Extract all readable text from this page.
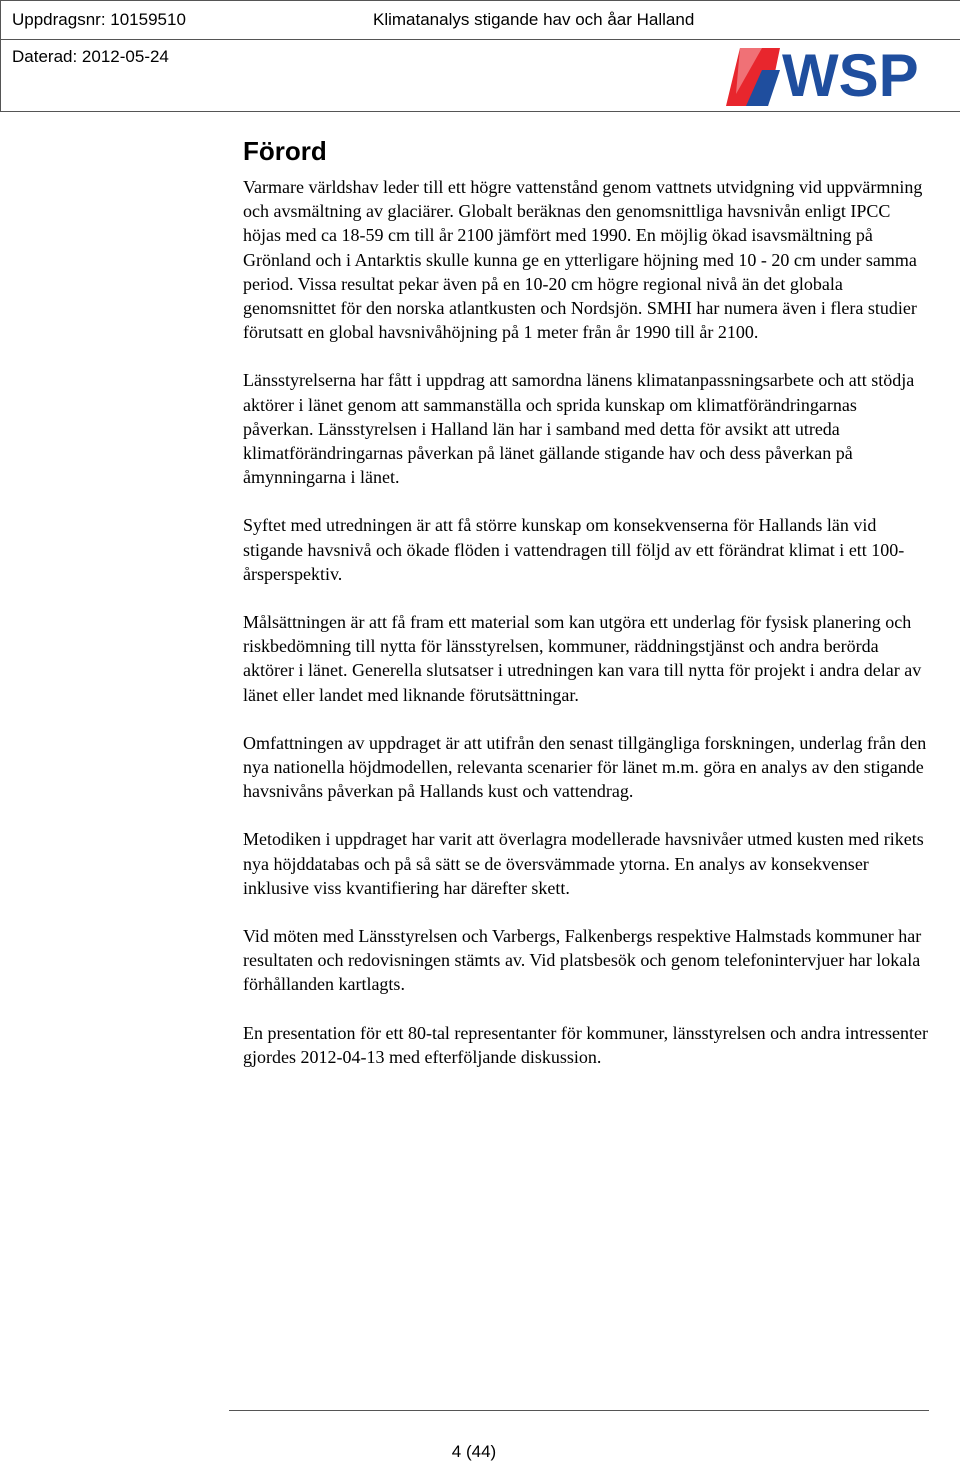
Uppdragsnr: 10159510	Klimatanalys stigande hav och åar Halland
Daterad: 2012-05-24	WSP
Förord

Varmare världshav leder till ett högre vattenstånd genom vattnets utvidgning vid uppvärmning och avsmältning av glaciärer. Globalt beräknas den genomsnittliga havsnivån enligt IPCC höjas med ca 18-59 cm till år 2100 jämfört med 1990. En möjlig ökad isavsmältning på Grönland och i Antarktis skulle kunna ge en ytterligare höjning med 10 - 20 cm under samma period. Vissa resultat pekar även på en 10-20 cm högre regional nivå än det globala genomsnittet för den norska atlantkusten och Nordsjön. SMHI har numera även i flera studier förutsatt en global havsnivåhöjning på 1 meter från år 1990 till år 2100.

Länsstyrelserna har fått i uppdrag att samordna länens klimatanpassningsarbete och att stödja aktörer i länet genom att sammanställa och sprida kunskap om klimatförändringarnas påverkan. Länsstyrelsen i Halland län har i samband med detta för avsikt att utreda klimatförändringarnas påverkan på länet gällande stigande hav och dess påverkan på åmynningarna i länet.

Syftet med utredningen är att få större kunskap om konsekvenserna för Hallands län vid stigande havsnivå och ökade flöden i vattendragen till följd av ett förändrat klimat i ett 100-årsperspektiv.

Målsättningen är att få fram ett material som kan utgöra ett underlag för fysisk planering och riskbedömning till nytta för länsstyrelsen, kommuner, räddningstjänst och andra berörda aktörer i länet. Generella slutsatser i utredningen kan vara till nytta för projekt i andra delar av länet eller landet med liknande förutsättningar.

Omfattningen av uppdraget är att utifrån den senast tillgängliga forskningen, underlag från den nya nationella höjdmodellen, relevanta scenarier för länet m.m. göra en analys av den stigande havsnivåns påverkan på Hallands kust och vattendrag.

Metodiken i uppdraget har varit att överlagra modellerade havsnivåer utmed kusten med rikets nya höjddatabas och på så sätt se de översvämmade ytorna. En analys av konsekvenser inklusive viss kvantifiering har därefter skett.

Vid möten med Länsstyrelsen och Varbergs, Falkenbergs respektive Halmstads kommuner har resultaten och redovisningen stämts av. Vid platsbesök och genom telefonintervjuer har lokala förhållanden kartlagts.

En presentation för ett 80-tal representanter för kommuner, länsstyrelsen och andra intressenter gjordes 2012-04-13 med efterföljande diskussion.

4 (44)
